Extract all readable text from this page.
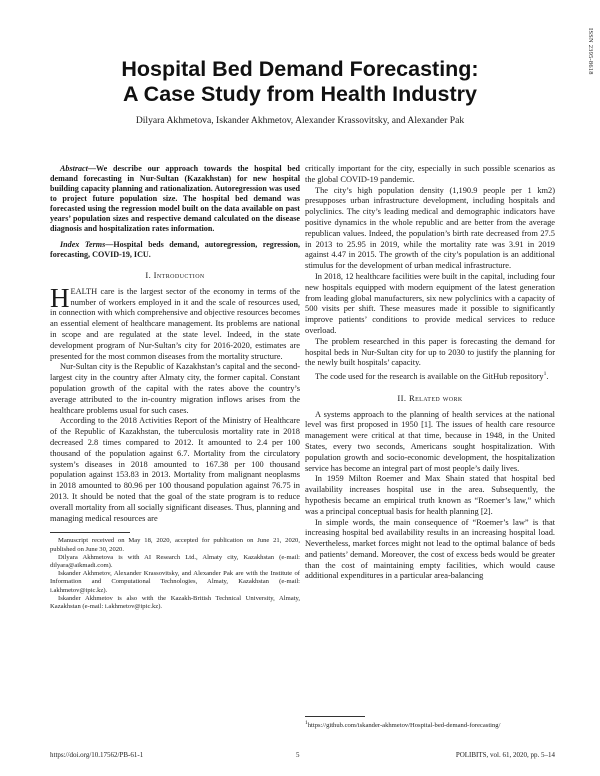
ISSN 2395-8618
Hospital Bed Demand Forecasting:
A Case Study from Health Industry

Dilyara Akhmetova, Iskander Akhmetov, Alexander Krassovitsky, and Alexander Pak

Abstract—We describe our approach towards the hospital bed demand forecasting in Nur-Sultan (Kazakhstan) for new hospital building capacity planning and rationalization. Autoregression was used to project future population size. The hospital bed demand was forecasted using the regression model built on the data available on past years’ population sizes and respective demand calculated on the disease diagnosis and hospitalization rates information.

Index Terms—Hospital beds demand, autoregression, regression, forecasting, COVID-19, ICU.

I. Introduction

HEALTH care is the largest sector of the economy in terms of the number of workers employed in it and the scale of resources used, in connection with which comprehensive and objective resources becomes an essential element of healthcare management. Its problems are national in scope and are regulated at the state level. Indeed, in the state development program of Nur-Sultan’s city for 2016-2020, estimates are presented for the most common diseases from the mortality structure.

Nur-Sultan city is the Republic of Kazakhstan’s capital and the second-largest city in the country after Almaty city, the former capital. Constant population growth of the capital with the rates above the country’s average attributed to the in-country migration inflows arises from the healthcare problems usual for such cases.

According to the 2018 Activities Report of the Ministry of Healthcare of the Republic of Kazakhstan, the tuberculosis mortality rate in 2018 decreased 2.8 times compared to 2012. It amounted to 2.4 per 100 thousand of the population against 6.7. Mortality from the circulatory system’s diseases in 2018 amounted to 167.38 per 100 thousand population against 153.83 in 2013. Mortality from malignant neoplasms in 2018 amounted to 80.96 per 100 thousand population against 76.75 in 2013. It should be noted that the goal of the state program is to reduce overall mortality from all socially significant diseases. Thus, planning and managing medical resources are

Manuscript received on May 18, 2020, accepted for publication on June 21, 2020, published on June 30, 2020.

Dilyara Akhmetova is with AI Research Ltd., Almaty city, Kazakhstan (e-mail: dilyara@aikmadi.com).

Iskander Akhmetov, Alexander Krassovitsky, and Alexander Pak are with the Institute of Information and Computational Technologies, Almaty, Kazakhstan (e-mail: i.akhmetov@ipic.kz).

Iskander Akhmetov is also with the Kazakh-British Technical University, Almaty, Kazakhstan (e-mail: i.akhmetov@ipic.kz).

critically important for the city, especially in such possible scenarios as the global COVID-19 pandemic.

The city’s high population density (1,190.9 people per 1 km2) presupposes urban infrastructure development, including hospitals and polyclinics. The city’s leading medical and demographic indicators have positive dynamics in the whole republic and are better from the average republican values. Indeed, the population’s birth rate decreased from 27.5 in 2013 to 25.95 in 2019, while the mortality rate was 3.91 in 2019 against 4.47 in 2015. The growth of the city’s population is an additional stimulus for the development of urban medical infrastructure.

In 2018, 12 healthcare facilities were built in the capital, including four new hospitals equipped with modern equipment of the latest generation from leading global manufacturers, six new polyclinics with a capacity of 500 visits per shift. These measures made it possible to significantly improve patients’ conditions to provide medical services to reduce overload.

The problem researched in this paper is forecasting the demand for hospital beds in Nur-Sultan city for up to 2030 to justify the planning for the newly built hospitals’ capacity.

The code used for the research is available on the GitHub repository$^1$.

II. Related work

A systems approach to the planning of health services at the national level was first proposed in 1950 [1]. The issues of health care resource management were critical at that time, because in 1948, in the United States, every two seconds, Americans sought hospitalization. With population growth and socio-economic development, the hospitalization service has become an integral part of most people’s daily lives.

In 1959 Milton Roemer and Max Shain stated that hospital bed availability increases hospital use in the area. Subsequently, the hypothesis became an empirical truth known as “Roemer’s law,” which was a principal conceptual basis for health planning [2].

In simple words, the main consequence of “Roemer’s law” is that increasing hospital bed availability results in an increasing hospital load. Nevertheless, market forces might not lead to the optimal balance of beds and patients’ demand. Moreover, the cost of excess beds would be greater than the cost of maintaining empty facilities, which would cause additional expenditures in a particular area-balancing

$^1$https://github.com/iskander-akhmetov/Hospital-bed-demand-forecasting/
https://doi.org/10.17562/PB-61-1	5	POLIBITS, vol. 61, 2020, pp. 5–14
